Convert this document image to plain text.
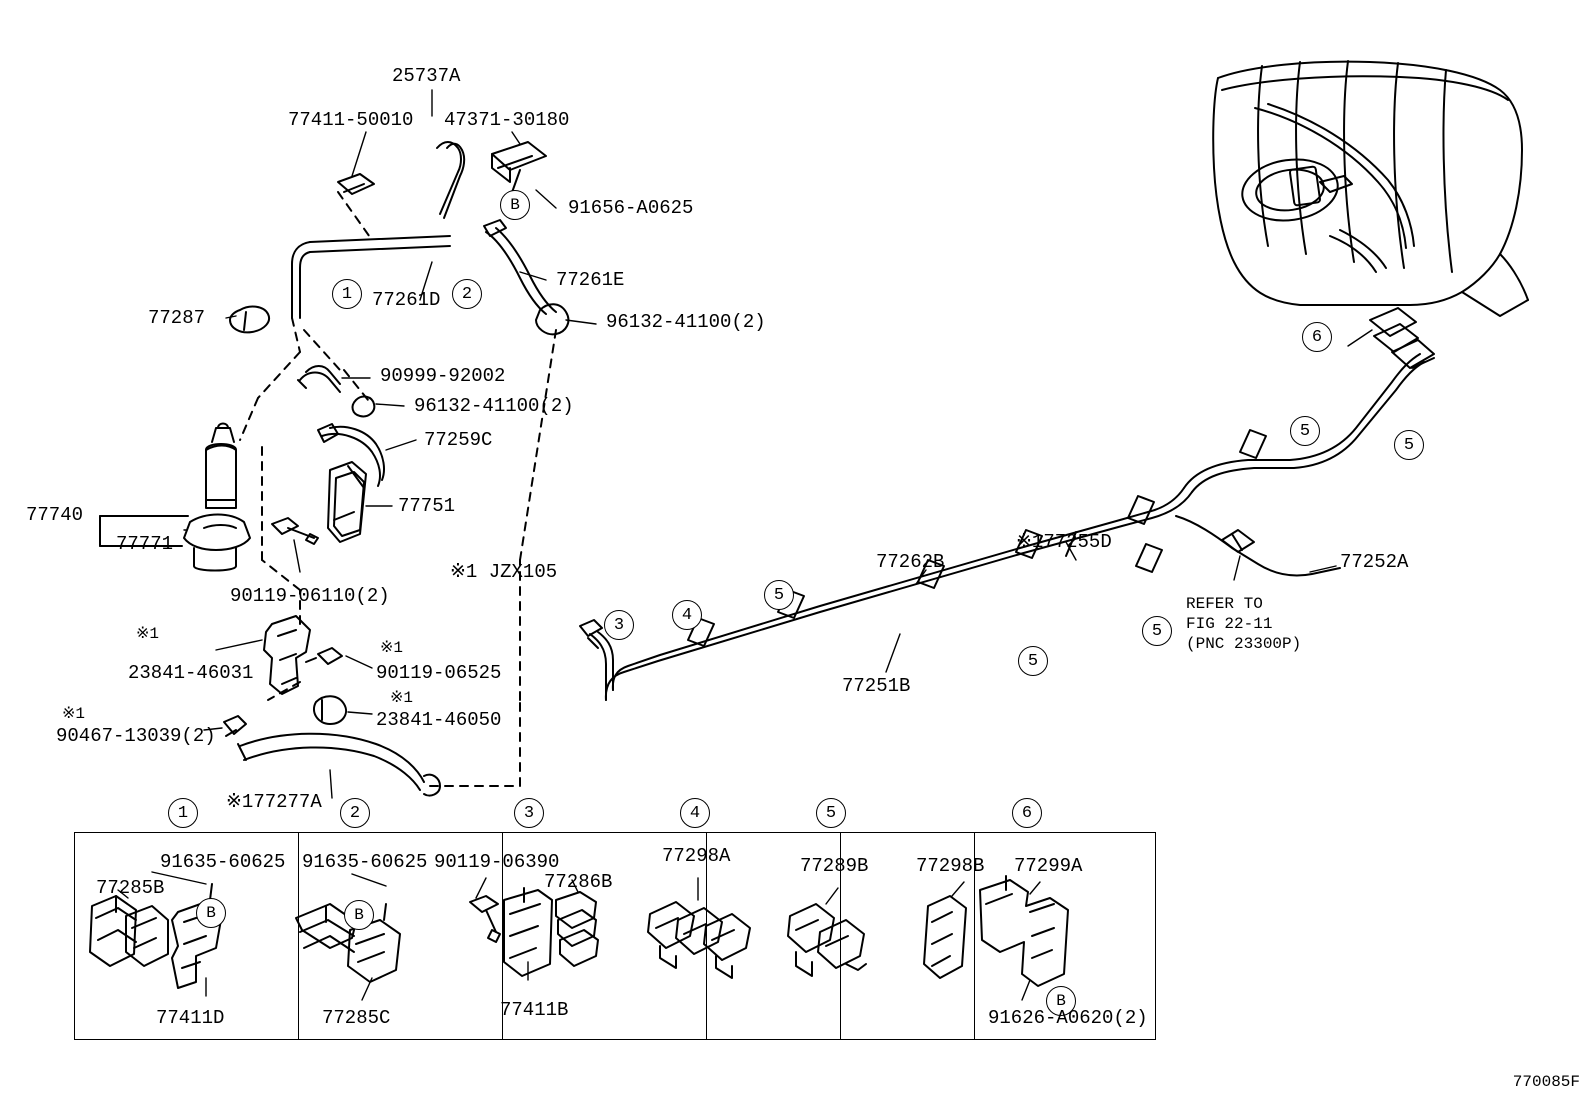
25737A
77411-50010 47371-30180
91656-A0625
77261D
77261E
96132-41100(2)
77287
90999-92002
96132-41100(2)
77259C
77751
77740
77771
90119-06110(2)
23841-46031	90119-06525
23841-46050
90467-13039(2)
※177277A
77262B
77251B
※177255D
77252A
※1
※1
※1
※1
※1 JZX105
REFER TO
FIG 22-11
(PNC 23300P)
1	2
3
4
5
5
5
5
5
6
B
1	2	3	4	5	6
B	B
B
77285B
91635-60625
77411D
91635-60625
77285C
90119-06390
77286B
77411B
77298A	77289B	77298B 77299A
91626-A0620(2)
770085F
